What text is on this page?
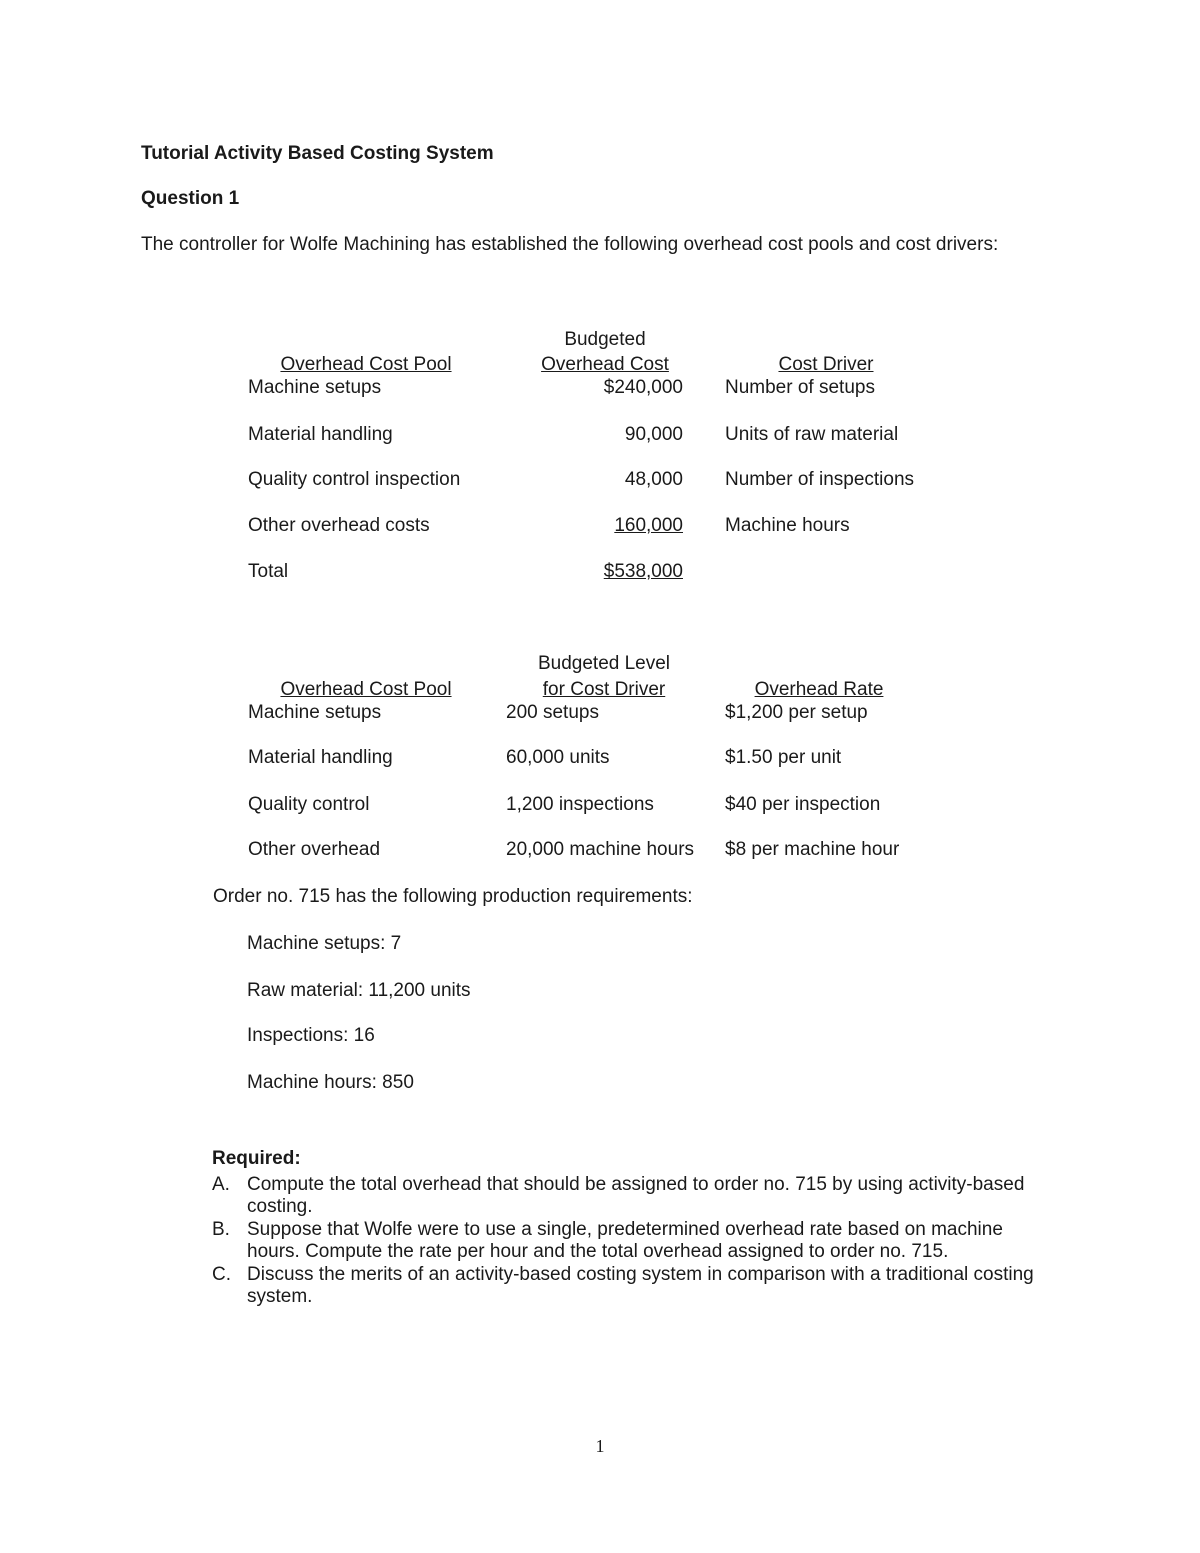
Tutorial Activity Based Costing System
Question 1
The controller for Wolfe Machining has established the following overhead cost pools and cost drivers:
Budgeted
Overhead Cost Pool	Overhead Cost	Cost Driver
Machine setups	$240,000 Number of setups
Material handling	90,000 Units of raw material
Quality control inspection	48,000 Number of inspections
Other overhead costs	160,000 Machine hours
Total	$538,000
Budgeted Level
Overhead Cost Pool	for Cost Driver	Overhead Rate
Machine setups	200 setups	$1,200 per setup
Material handling	60,000 units	$1.50 per unit
Quality control	1,200 inspections	$40 per inspection
Other overhead	20,000 machine hours $8 per machine hour
Order no. 715 has the following production requirements:
Machine setups: 7
Raw material: 11,200 units
Inspections: 16
Machine hours: 850
Required:
A. Compute the total overhead that should be assigned to order no. 715 by using activity-based
costing.
B. Suppose that Wolfe were to use a single, predetermined overhead rate based on machine
hours. Compute the rate per hour and the total overhead assigned to order no. 715.
C. Discuss the merits of an activity-based costing system in comparison with a traditional costing
system.
1
